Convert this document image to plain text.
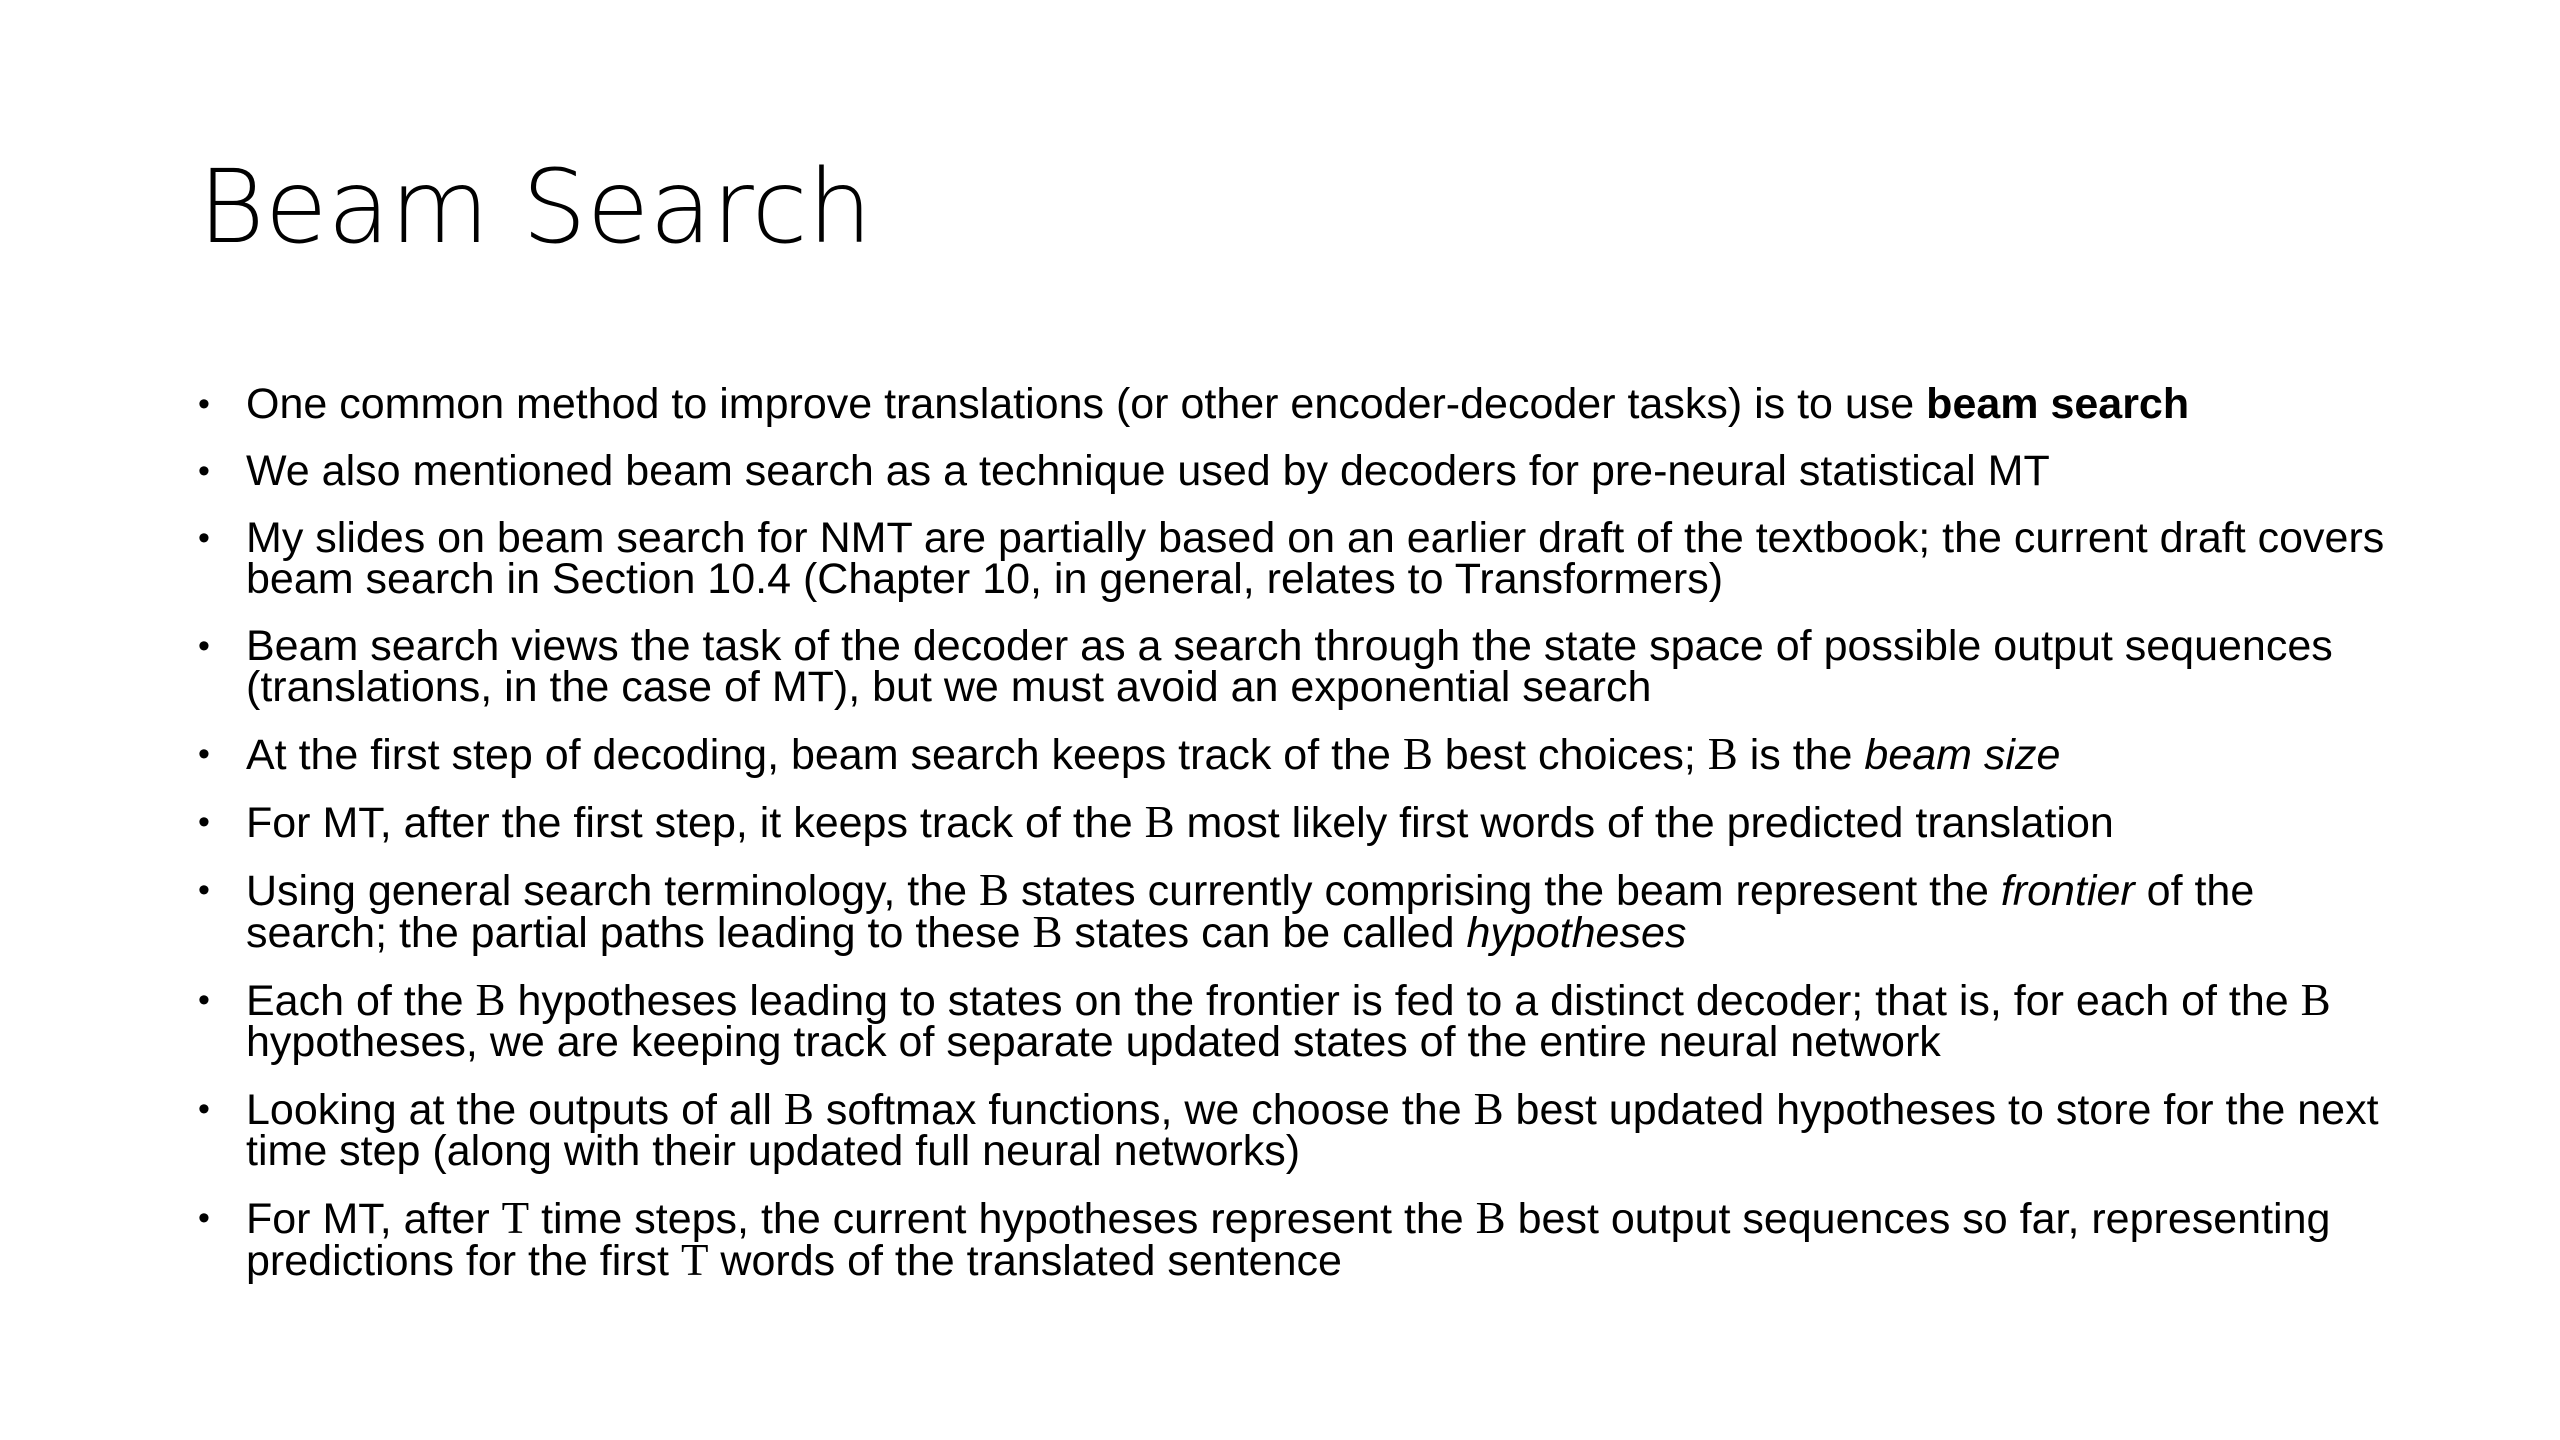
Beam Search
• One common method to improve translations (or other encoder-decoder tasks) is to use beam search
• We also mentioned beam search as a technique used by decoders for pre-neural statistical MT
• My slides on beam search for NMT are partially based on an earlier draft of the textbook; the current draft covers beam search in Section 10.4 (Chapter 10, in general, relates to Transformers)
• Beam search views the task of the decoder as a search through the state space of possible output sequences (translations, in the case of MT), but we must avoid an exponential search
• At the first step of decoding, beam search keeps track of the B best choices; B is the beam size
• For MT, after the first step, it keeps track of the B most likely first words of the predicted translation
• Using general search terminology, the B states currently comprising the beam represent the frontier of the search; the partial paths leading to these B states can be called hypotheses
• Each of the B hypotheses leading to states on the frontier is fed to a distinct decoder; that is, for each of the B hypotheses, we are keeping track of separate updated states of the entire neural network
• Looking at the outputs of all B softmax functions, we choose the B best updated hypotheses to store for the next time step (along with their updated full neural networks)
• For MT, after T time steps, the current hypotheses represent the B best output sequences so far, representing predictions for the first T words of the translated sentence
